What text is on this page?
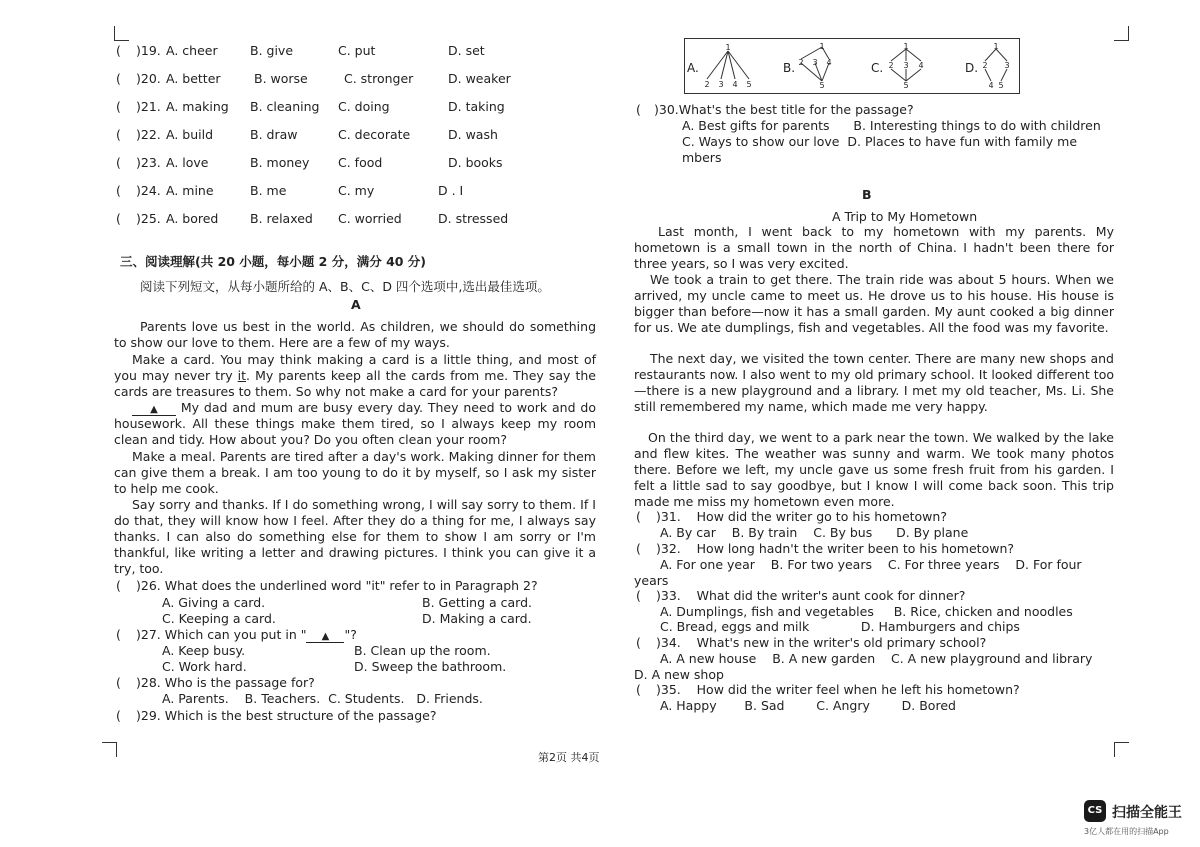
( )19. A. cheer	B. give	C. put	D. set
( )20. A. better	B. worse	C. stronger	D. weaker
( )21. A. making B. cleaning C. doing	D. taking
( )22. A. build	B. draw	C. decorate	D. wash
( )23. A. love	B. money C. food	D. books
( )24. A. mine	B. me	C. my	D . I
( )25. A. bored	B. relaxed C. worried	D. stressed
三、阅读理解(共 20 小题，每小题 2 分，满分 40 分)
阅读下列短文，从每小题所给的 A、B、C、D 四个选项中,选出最佳选项。
A
Parents love us best in the world. As children, we should do something to show our love to them. Here are a few of my ways.
Make a card. You may think making a card is a little thing, and most of you may never try it. My parents keep all the cards from me. They say the cards are treasures to them. So why not make a card for your parents?
▲ My dad and mum are busy every day. They need to work and do housework. All these things make them tired, so I always keep my room clean and tidy. How about you? Do you often clean your room?
Make a meal. Parents are tired after a day's work. Making dinner for them can give them a break. I am too young to do it by myself, so I ask my sister to help me cook.
Say sorry and thanks. If I do something wrong, I will say sorry to them. If I do that, they will know how I feel. After they do a thing for me, I always say thanks. I can also do something else for them to show I am sorry or I'm thankful, like writing a letter and drawing pictures. I think you can give it a try, too.
( )26. What does the underlined word "it" refer to in Paragraph 2?
A. Giving a card.	B. Getting a card.
C. Keeping a card.	D. Making a card.
( )27. Which can you put in " ▲ "?
A. Keep busy.	B. Clean up the room.
C. Work hard.	D. Sweep the bathroom.
( )28. Who is the passage for?
A. Parents.    B. Teachers.  C. Students.   D. Friends.
( )29. Which is the best structure of the passage?
A.
1
2 3 4 5
B.
1
2 3 4
5
C.
1
2 3 4
5
D.
1
2 3
4 5
( )30.What's the best title for the passage?
A. Best gifts for parents      B. Interesting things to do with children
C. Ways to show our love  D. Places to have fun with family me
mbers
B
A Trip to My Hometown
Last month, I went back to my hometown with my parents. My hometown is a small town in the north of China. I hadn't been there for three years, so I was very excited.
We took a train to get there. The train ride was about 5 hours. When we arrived, my uncle came to meet us. He drove us to his house. His house is bigger than before—now it has a small garden. My aunt cooked a big dinner for us. We ate dumplings, fish and vegetables. All the food was my favorite.
The next day, we visited the town center. There are many new shops and restaurants now. I also went to my old primary school. It looked different too—there is a new playground and a library. I met my old teacher, Ms. Li. She still remembered my name, which made me very happy.
On the third day, we went to a park near the town. We walked by the lake and flew kites. The weather was sunny and warm. We took many photos there. Before we left, my uncle gave us some fresh fruit from his garden. I felt a little sad to say goodbye, but I know I will come back soon. This trip made me miss my hometown even more.
( )31.    How did the writer go to his hometown?
A. By car    B. By train    C. By bus      D. By plane
( )32.    How long hadn't the writer been to his hometown?
A. For one year    B. For two years    C. For three years    D. For four
years
( )33.    What did the writer's aunt cook for dinner?
A. Dumplings, fish and vegetables     B. Rice, chicken and noodles
C. Bread, eggs and milk             D. Hamburgers and chips
( )34.    What's new in the writer's old primary school?
A. A new house    B. A new garden    C. A new playground and library
D. A new shop
( )35.    How did the writer feel when he left his hometown?
A. Happy       B. Sad        C. Angry        D. Bored
第2页 共4页
CS 扫描全能王
3亿人都在用的扫描App
